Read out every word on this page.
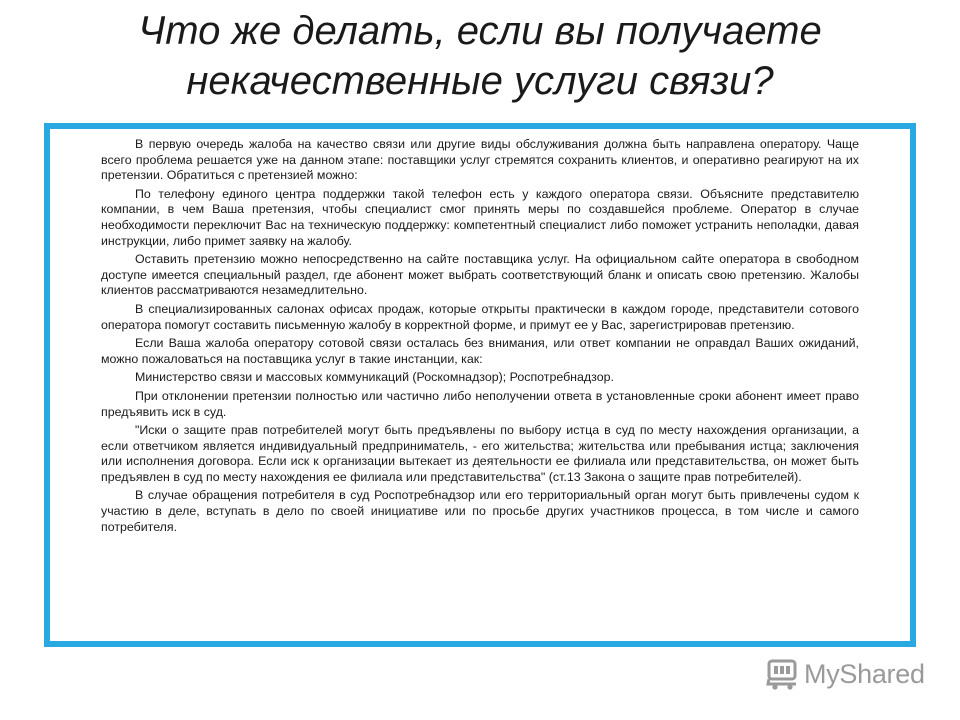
Что же делать, если вы получаете
некачественные услуги связи?

В первую очередь жалоба на качество связи или другие виды обслуживания должна быть направлена оператору. Чаще всего проблема решается уже на данном этапе: поставщики услуг стремятся сохранить клиентов, и оперативно реагируют на их претензии. Обратиться с претензией можно:

По телефону единого центра поддержки такой телефон есть у каждого оператора связи. Объясните представителю компании, в чем Ваша претензия, чтобы специалист смог принять меры по создавшейся проблеме. Оператор в случае необходимости переключит Вас на техническую поддержку: компетентный специалист либо поможет устранить неполадки, давая инструкции, либо примет заявку на жалобу.

Оставить претензию можно непосредственно на сайте поставщика услуг. На официальном сайте оператора в свободном доступе имеется специальный раздел, где абонент может выбрать соответствующий бланк и описать свою претензию. Жалобы клиентов рассматриваются незамедлительно.

В специализированных салонах офисах продаж, которые открыты практически в каждом городе, представители сотового оператора помогут составить письменную жалобу в корректной форме, и примут ее у Вас, зарегистрировав претензию.

Если Ваша жалоба оператору сотовой связи осталась без внимания, или ответ компании не оправдал Ваших ожиданий, можно пожаловаться на поставщика услуг в такие инстанции, как:

Министерство связи и массовых коммуникаций (Роскомнадзор); Роспотребнадзор.

При отклонении претензии полностью или частично либо неполучении ответа в установленные сроки абонент имеет право предъявить иск в суд.

"Иски о защите прав потребителей могут быть предъявлены по выбору истца в суд по месту нахождения организации, а если ответчиком является индивидуальный предприниматель, - его жительства; жительства или пребывания истца; заключения или исполнения договора. Если иск к организации вытекает из деятельности ее филиала или представительства, он может быть предъявлен в суд по месту нахождения ее филиала или представительства" (ст.13 Закона о защите прав потребителей).

В случае обращения потребителя в суд Роспотребнадзор или его территориальный орган могут быть привлечены судом к участию в деле, вступать в дело по своей инициативе или по просьбе других участников процесса, в том числе и самого потребителя.

MyShared
